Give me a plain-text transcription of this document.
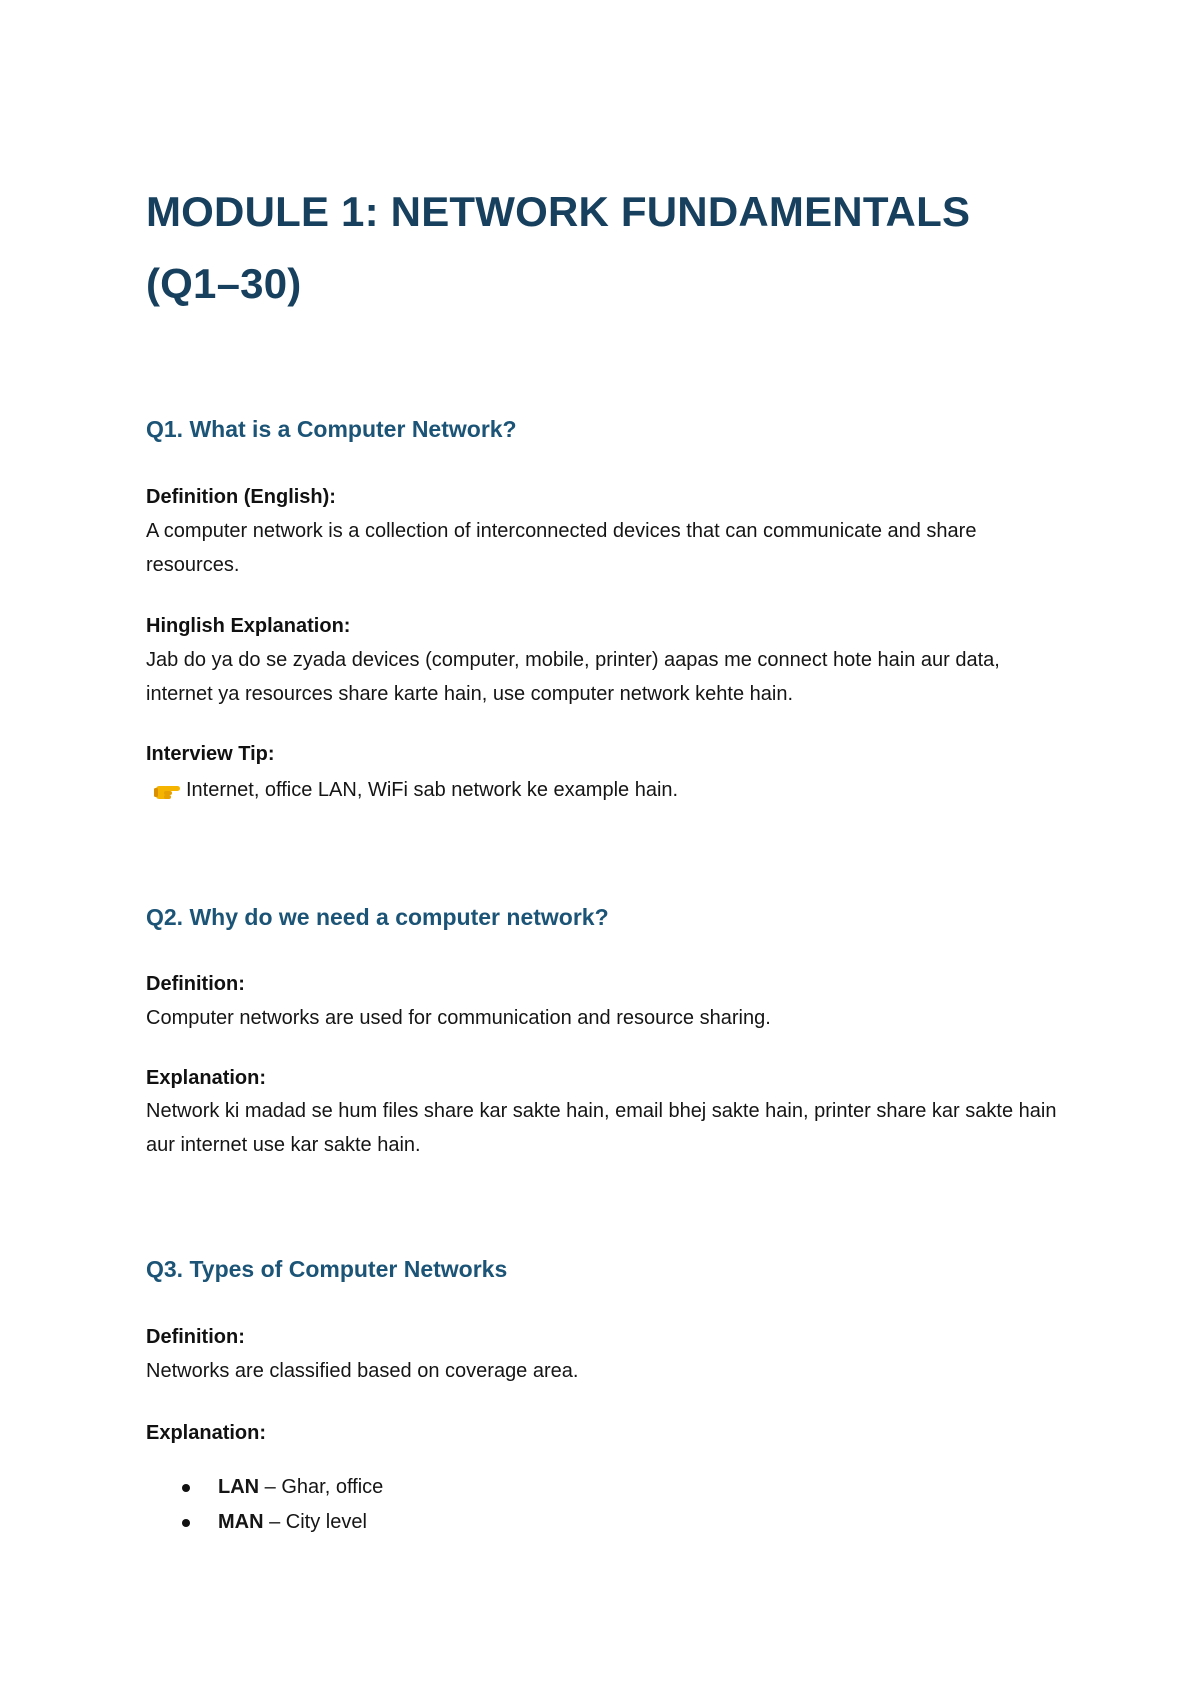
MODULE 1: NETWORK FUNDAMENTALS (Q1–30)
Q1. What is a Computer Network?
Definition (English):

A computer network is a collection of interconnected devices that can communicate and share resources.

Hinglish Explanation:

Jab do ya do se zyada devices (computer, mobile, printer) aapas me connect hote hain aur data, internet ya resources share karte hain, use computer network kehte hain.

Interview Tip:
Internet, office LAN, WiFi sab network ke example hain.
Q2. Why do we need a computer network?
Definition:

Computer networks are used for communication and resource sharing.

Explanation:

Network ki madad se hum files share kar sakte hain, email bhej sakte hain, printer share kar sakte hain aur internet use kar sakte hain.

Q3. Types of Computer Networks
Definition:

Networks are classified based on coverage area.

Explanation:
LAN – Ghar, office
MAN – City level
